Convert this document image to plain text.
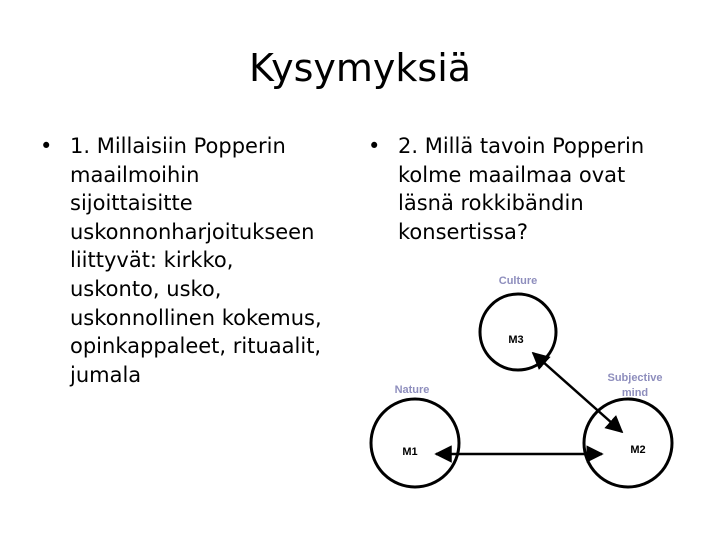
Kysymyksiä
• 1. Millaisiin Popperin
maailmoihin
sijoittaisitte
uskonnonharjoitukseen
liittyvät: kirkko,
uskonto, usko,
uskonnollinen kokemus,
opinkappaleet, rituaalit,
jumala
• 2. Millä tavoin Popperin
kolme maailmaa ovat
läsnä rokkibändin
konsertissa?
Culture
Nature
Subjective
mind
M3
M1	M2
